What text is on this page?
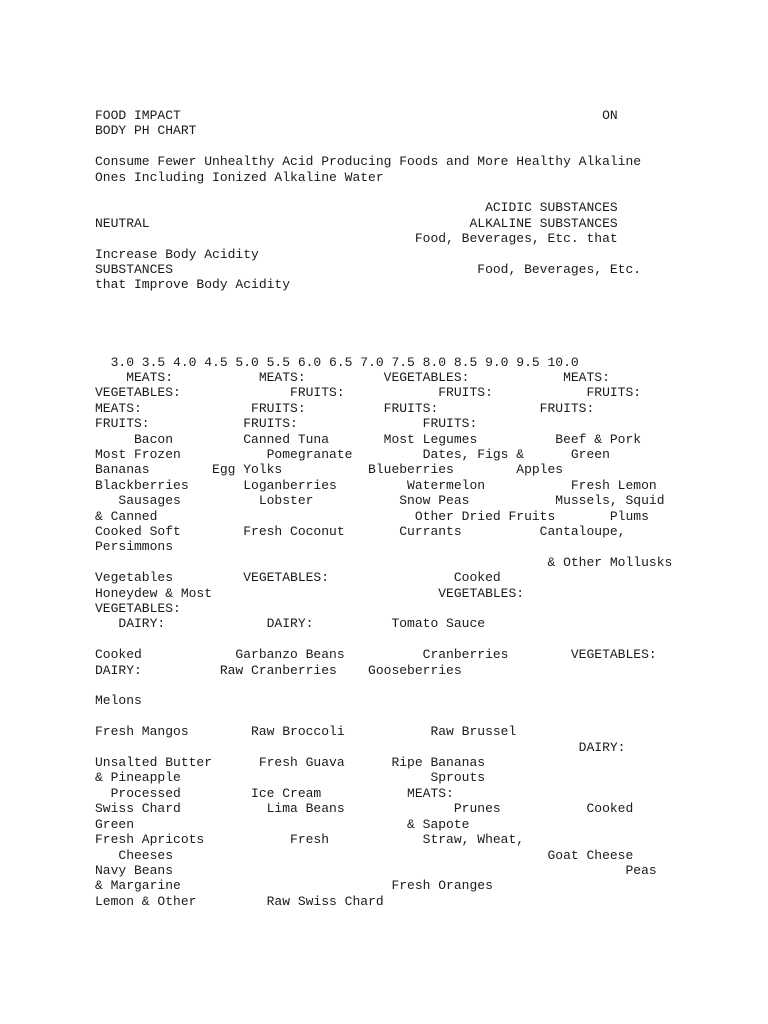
FOOD IMPACT                                                      ON
BODY PH CHART

Consume Fewer Unhealthy Acid Producing Foods and More Healthy Alkaline
Ones Including Ionized Alkaline Water

ACIDIC SUBSTANCES
NEUTRAL                                         ALKALINE SUBSTANCES
Food, Beverages, Etc. that
Increase Body Acidity
SUBSTANCES                                       Food, Beverages, Etc.
that Improve Body Acidity

3.0 3.5 4.0 4.5 5.0 5.5 6.0 6.5 7.0 7.5 8.0 8.5 9.0 9.5 10.0
MEATS:           MEATS:          VEGETABLES:            MEATS:
VEGETABLES:              FRUITS:            FRUITS:            FRUITS:
MEATS:              FRUITS:          FRUITS:             FRUITS:
FRUITS:            FRUITS:                FRUITS:
Bacon         Canned Tuna       Most Legumes          Beef & Pork
Most Frozen           Pomegranate         Dates, Figs &      Green
Bananas        Egg Yolks           Blueberries        Apples
Blackberries       Loganberries         Watermelon           Fresh Lemon
Sausages          Lobster           Snow Peas           Mussels, Squid
& Canned                                 Other Dried Fruits       Plums
Cooked Soft        Fresh Coconut       Currants          Cantaloupe,
Persimmons
& Other Mollusks
Vegetables         VEGETABLES:                Cooked
Honeydew & Most                             VEGETABLES:
VEGETABLES:
DAIRY:             DAIRY:          Tomato Sauce

Cooked            Garbanzo Beans          Cranberries        VEGETABLES:
DAIRY:          Raw Cranberries    Gooseberries

Melons

Fresh Mangos        Raw Broccoli           Raw Brussel
DAIRY:
Unsalted Butter      Fresh Guava      Ripe Bananas
& Pineapple                                Sprouts
Processed         Ice Cream           MEATS:
Swiss Chard           Lima Beans              Prunes           Cooked
Green                                   & Sapote
Fresh Apricots           Fresh            Straw, Wheat,
Cheeses                                                Goat Cheese
Navy Beans                                                          Peas
& Margarine                           Fresh Oranges
Lemon & Other         Raw Swiss Chard
